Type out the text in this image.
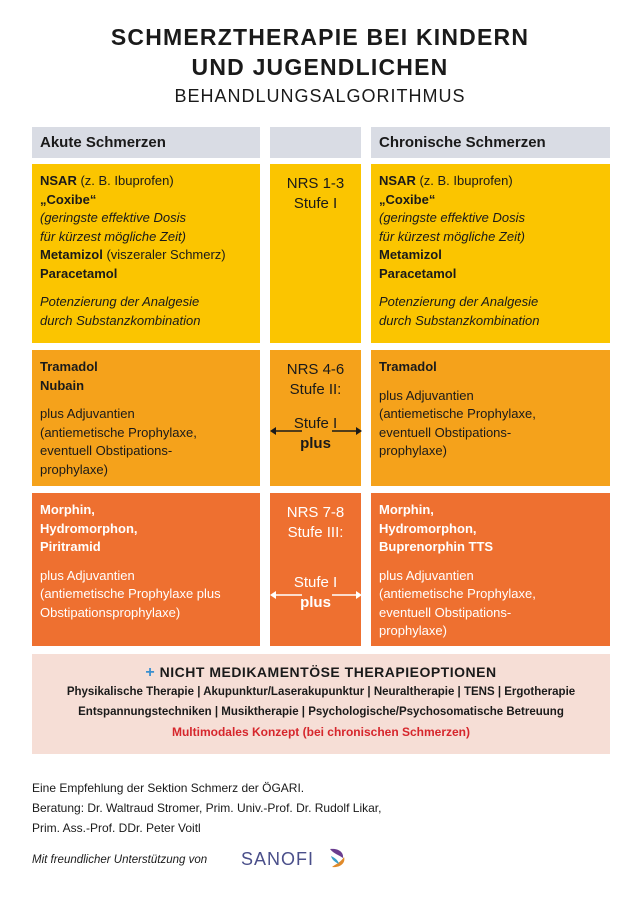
SCHMERZTHERAPIE BEI KINDERN
UND JUGENDLICHEN
BEHANDLUNGSALGORITHMUS
Akute Schmerzen	Chronische Schmerzen
NSAR (z. B. Ibuprofen)
„Coxibe“
(geringste effektive Dosis
für kürzest mögliche Zeit)
Metamizol (viszeraler Schmerz)
Paracetamol
Potenzierung der Analgesie
durch Substanzkombination
NRS 1-3
Stufe I
NSAR (z. B. Ibuprofen)
„Coxibe“
(geringste effektive Dosis
für kürzest mögliche Zeit)
Metamizol
Paracetamol
Potenzierung der Analgesie
durch Substanzkombination
Tramadol
Nubain
plus Adjuvantien
(antiemetische Prophylaxe,
eventuell Obstipations-
prophylaxe)
NRS 4-6
Stufe II:
Stufe I
plus
Tramadol
plus Adjuvantien
(antiemetische Prophylaxe,
eventuell Obstipations-
prophylaxe)
Morphin,
Hydromorphon,
Piritramid
plus Adjuvantien
(antiemetische Prophylaxe plus
Obstipationsprophylaxe)
NRS 7-8
Stufe III:
Stufe I
plus
Morphin,
Hydromorphon,
Buprenorphin TTS
plus Adjuvantien
(antiemetische Prophylaxe,
eventuell Obstipations-
prophylaxe)
+ NICHT MEDIKAMENTÖSE THERAPIEOPTIONEN
Physikalische Therapie | Akupunktur/Laserakupunktur | Neuraltherapie | TENS | Ergotherapie
Entspannungstechniken | Musiktherapie | Psychologische/Psychosomatische Betreuung
Multimodales Konzept (bei chronischen Schmerzen)
Eine Empfehlung der Sektion Schmerz der ÖGARI.
Beratung: Dr. Waltraud Stromer, Prim. Univ.-Prof. Dr. Rudolf Likar,
Prim. Ass.-Prof. DDr. Peter Voitl
Mit freundlicher Unterstützung von SANOFI
